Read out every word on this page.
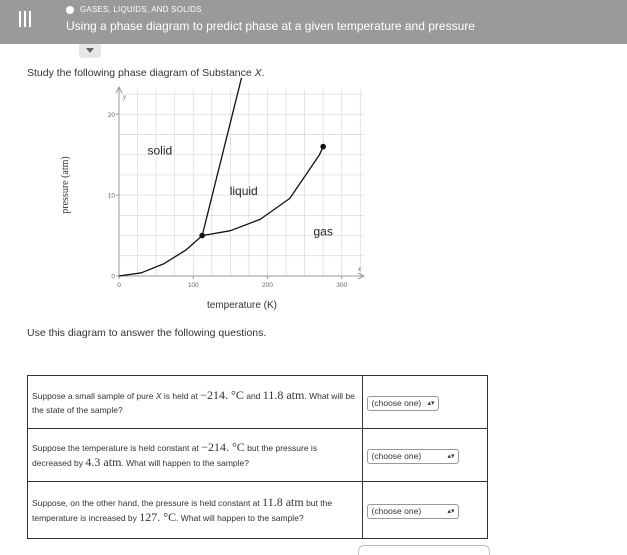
GASES, LIQUIDS, AND SOLIDS
Using a phase diagram to predict phase at a given temperature and pressure
Study the following phase diagram of Substance X.
0	100	200	300
0
10
20
solid
liquid
gas
temperature (K)
pressure (atm)
x
y
Use this diagram to answer the following questions.
Suppose a small sample of pure X is held at −214. °C and 11.8 atm. What will be the state of the sample?	(choose one) ▴▾

Suppose the temperature is held constant at −214. °C but the pressure is decreased by 4.3 atm. What will happen to the sample?	(choose one) ▴▾

Suppose, on the other hand, the pressure is held constant at 11.8 atm but the temperature is increased by 127. °C. What will happen to the sample?	(choose one) ▴▾
